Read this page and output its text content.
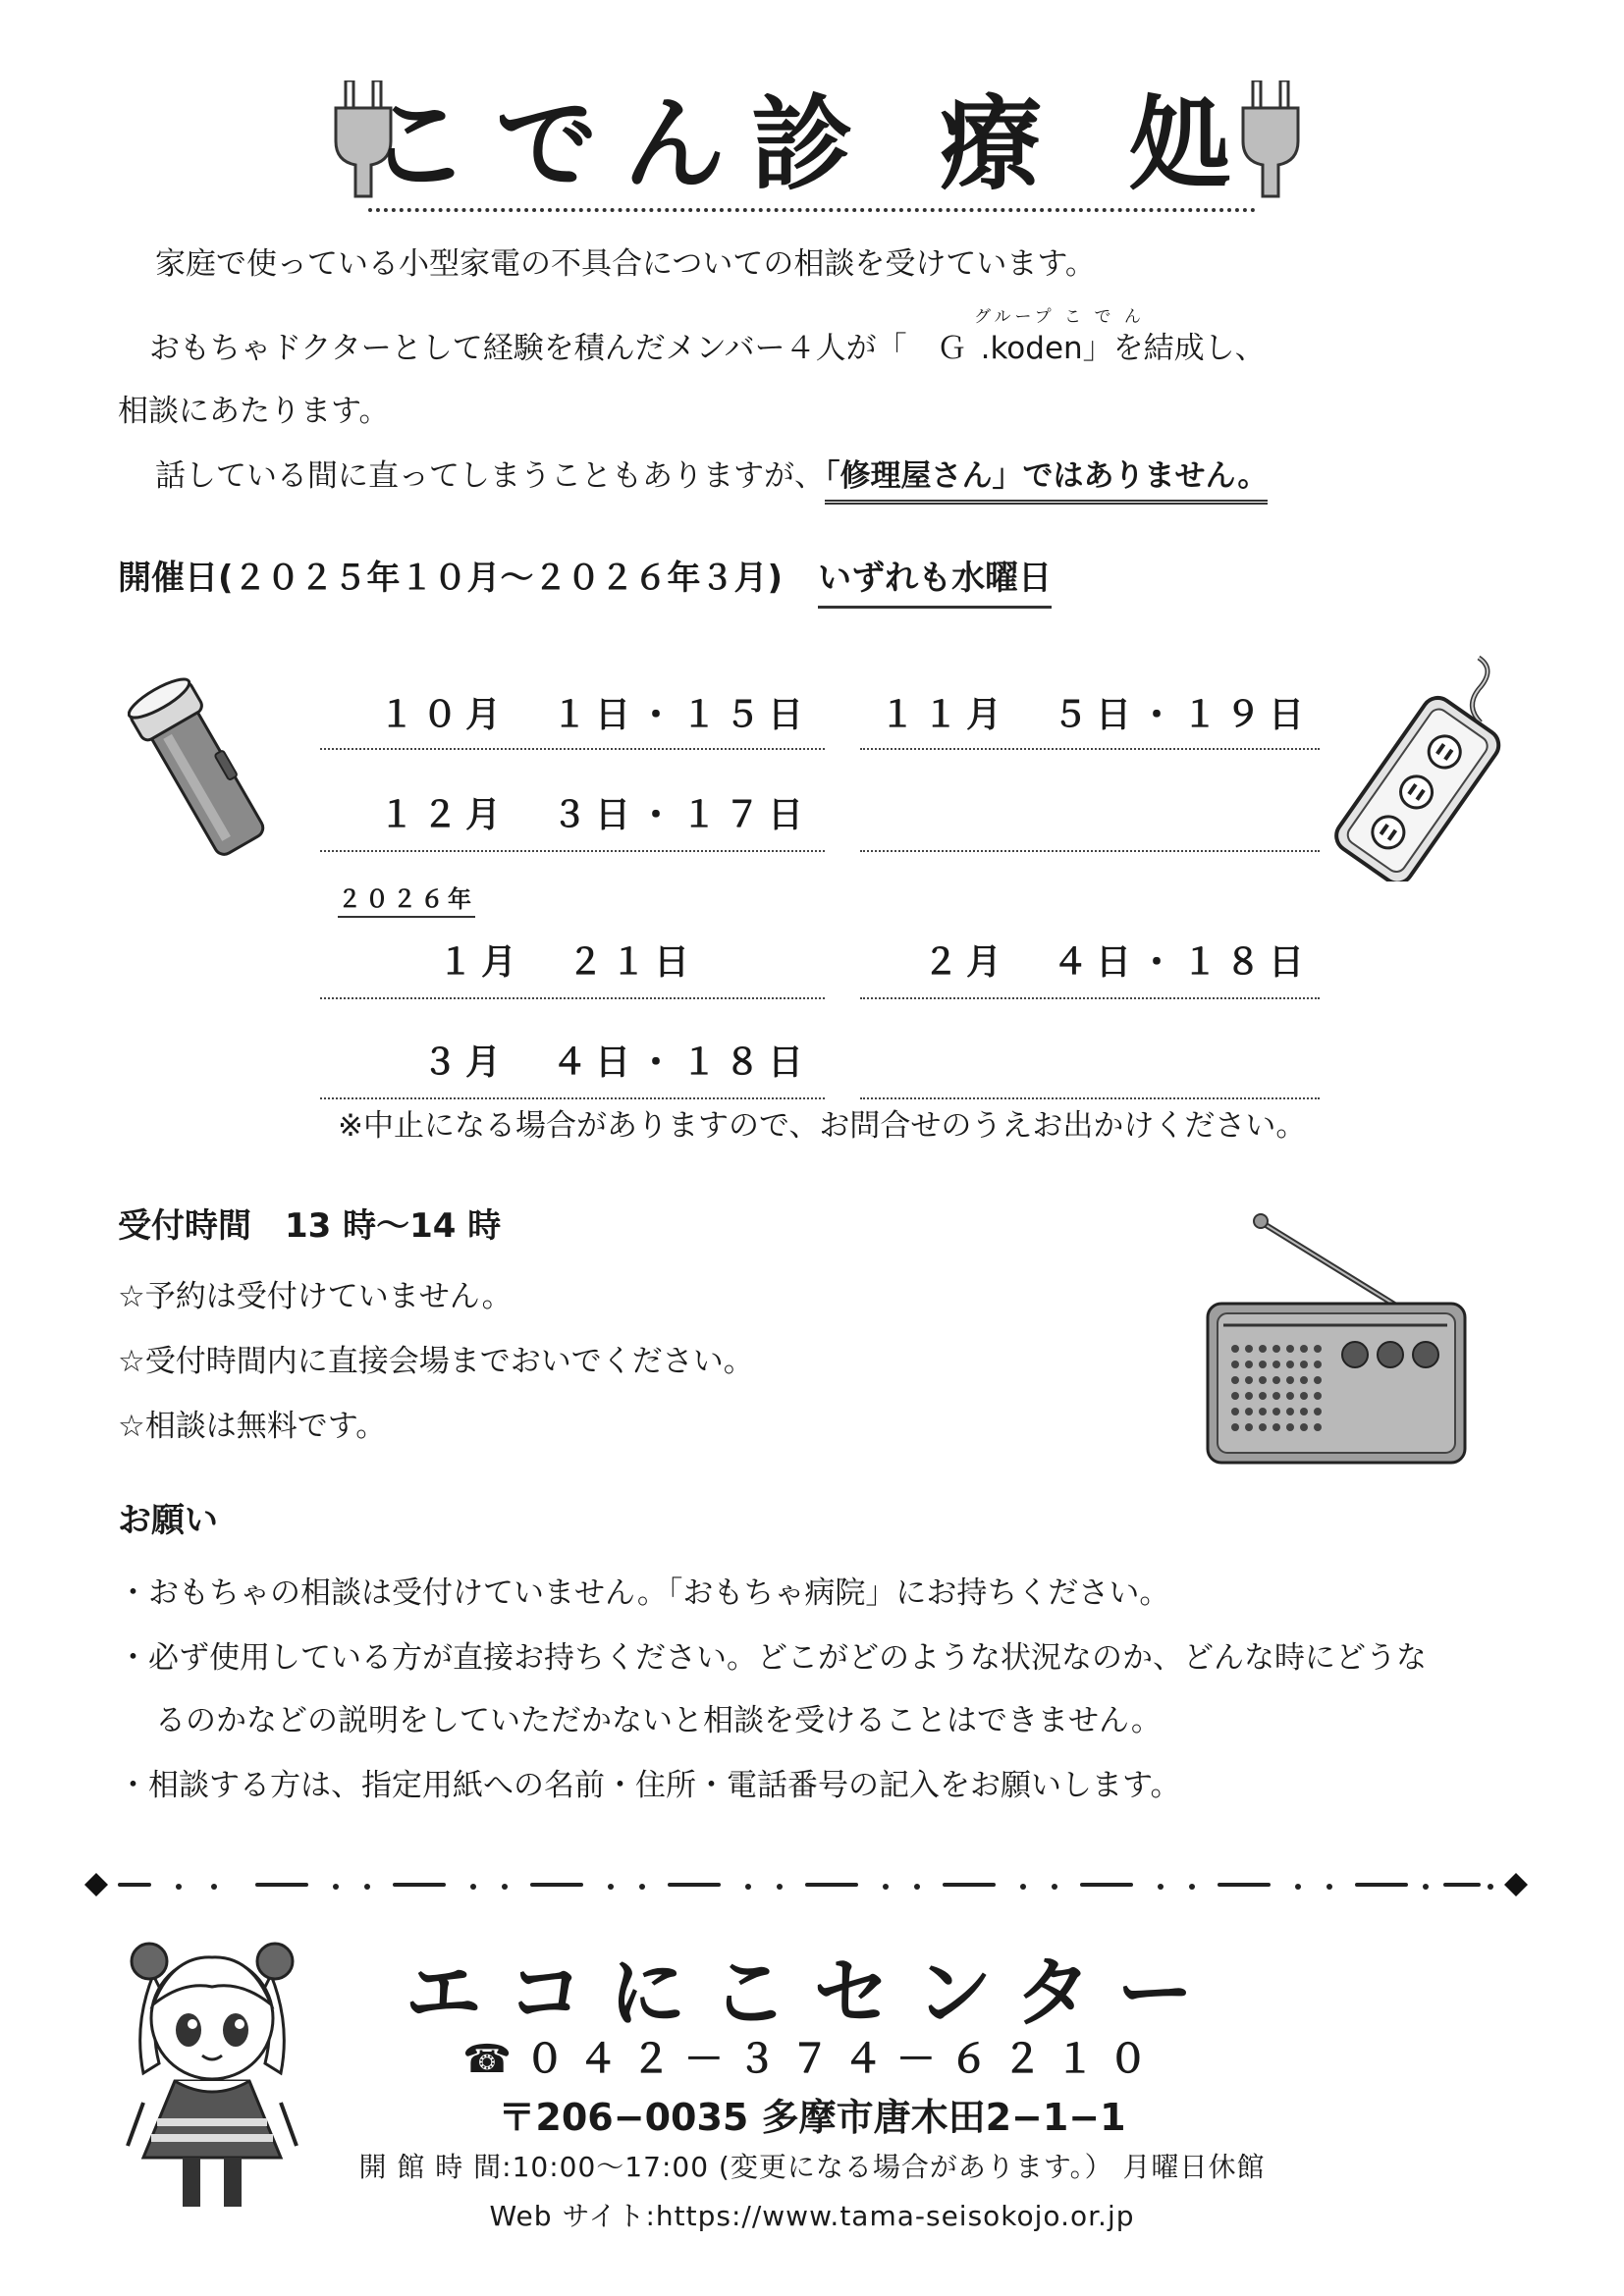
こでん診 療 処
家庭で使っている小型家電の不具合についての相談を受けています。
グループ こ で ん
おもちゃドクターとして経験を積んだメンバー４人が「 Ｇ .koden」を結成し、
相談にあたります。
話している間に直ってしまうこともありますが、「修理屋さん」ではありません。
開催日(２０２５年１０月～２０２６年３月) いずれも水曜日
１０月　１日・１５日 １１月　５日・１９日
１２月　３日・１７日
２０２６年
１月　２１日	２月　４日・１８日
３月　４日・１８日
※中止になる場合がありますので、お問合せのうえお出かけください。
受付時間　13 時～14 時
☆予約は受付けていません。
☆受付時間内に直接会場までおいでください。
☆相談は無料です。
お願い
・おもちゃの相談は受付けていません。「おもちゃ病院」にお持ちください。
・必ず使用している方が直接お持ちください。どこがどのような状況なのか、どんな時にどうな
るのかなどの説明をしていただかないと相談を受けることはできません。
・相談する方は、指定用紙への名前・住所・電話番号の記入をお願いします。
エコにこセンター
☎０４２－３７４－６２１０
〒206−0035 多摩市唐木田2−1−1
開 館 時 間:10:00～17:00 (変更になる場合があります。） 月曜日休館
Web サイト:https://www.tama-seisokojo.or.jp
